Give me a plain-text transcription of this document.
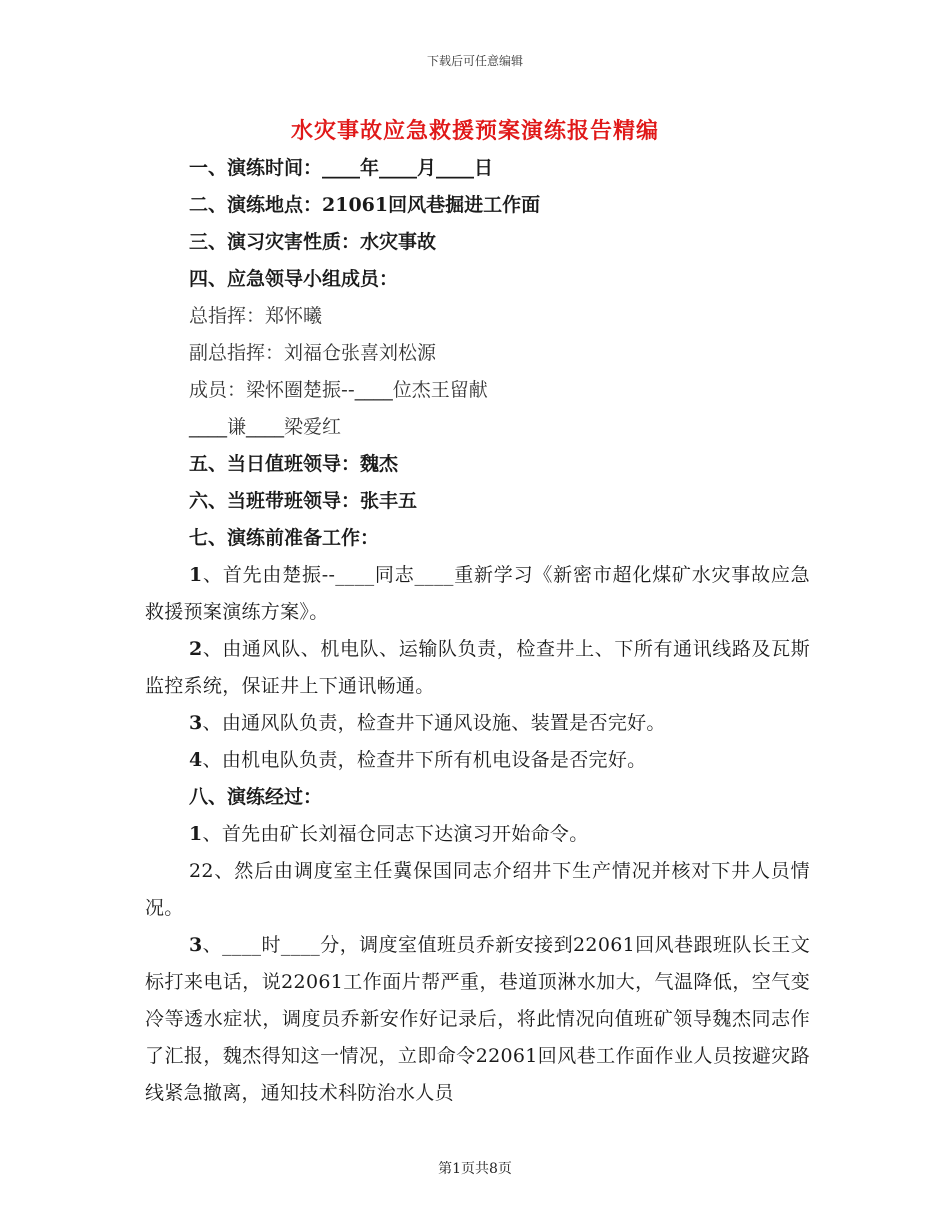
下载后可任意编辑
水灾事故应急救援预案演练报告精编
一、演练时间：____年____月____日
二、演练地点：21061回风巷掘进工作面
三、演习灾害性质：水灾事故
四、应急领导小组成员：
总指挥：郑怀曦
副总指挥：刘福仓张喜刘松源
成员：梁怀圈楚振--____位杰王留献
____谦____梁爱红
五、当日值班领导：魏杰
六、当班带班领导：张丰五
七、演练前准备工作：
1、首先由楚振--____同志____重新学习《新密市超化煤矿水灾事故应急救援预案演练方案》。
2、由通风队、机电队、运输队负责，检查井上、下所有通讯线路及瓦斯监控系统，保证井上下通讯畅通。
3、由通风队负责，检查井下通风设施、装置是否完好。
4、由机电队负责，检查井下所有机电设备是否完好。
八、演练经过：
1、首先由矿长刘福仓同志下达演习开始命令。
22、然后由调度室主任冀保国同志介绍井下生产情况并核对下井人员情况。
3、____时____分，调度室值班员乔新安接到22061回风巷跟班队长王文标打来电话，说22061工作面片帮严重，巷道顶淋水加大，气温降低，空气变冷等透水症状，调度员乔新安作好记录后，将此情况向值班矿领导魏杰同志作了汇报，魏杰得知这一情况，立即命令22061回风巷工作面作业人员按避灾路线紧急撤离，通知技术科防治水人员
第1页共8页
